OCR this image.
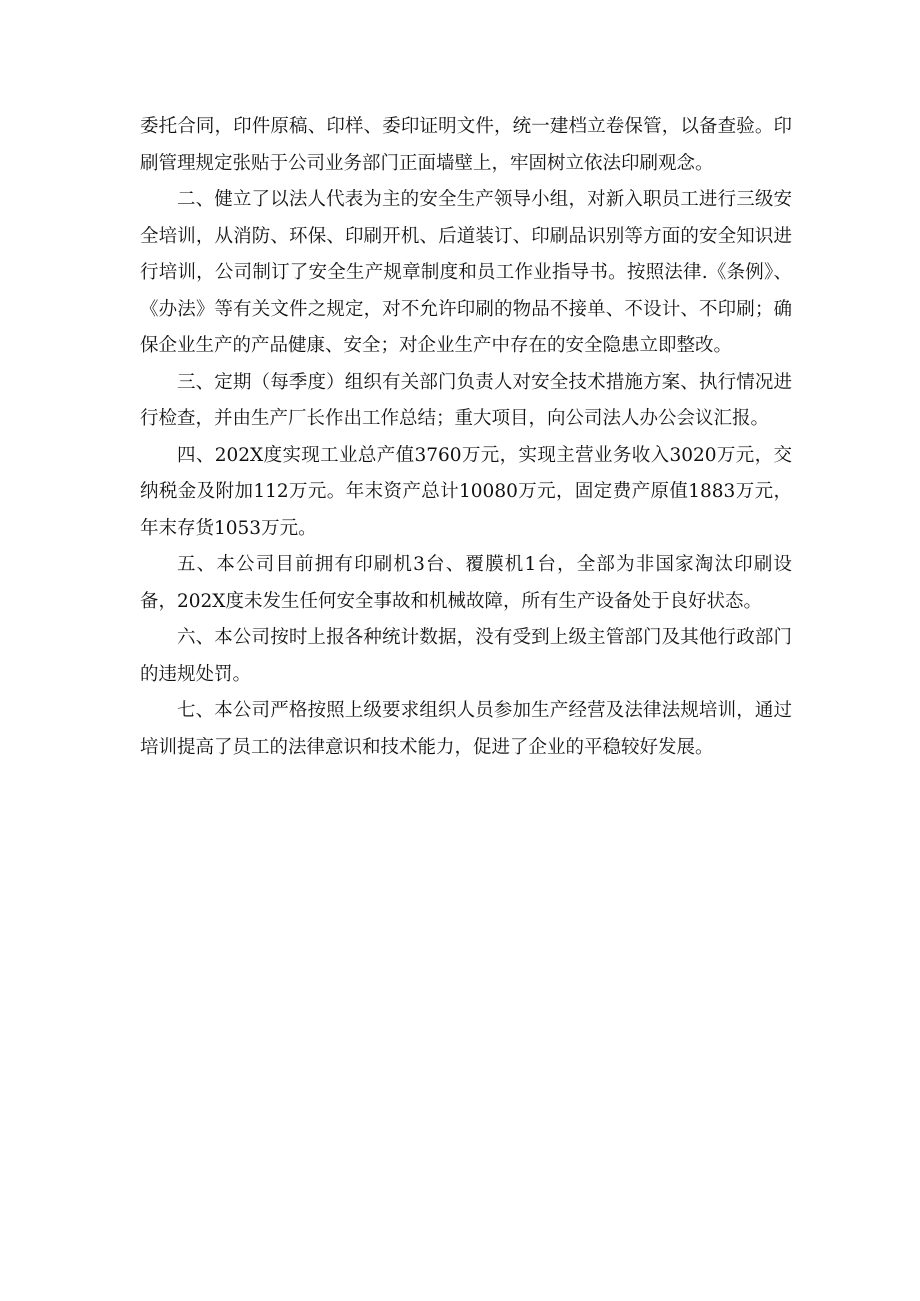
委托合同，印件原稿、印样、委印证明文件，统一建档立卷保管，以备查验。印刷管理规定张贴于公司业务部门正面墙壁上，牢固树立依法印刷观念。

二、健立了以法人代表为主的安全生产领导小组，对新入职员工进行三级安全培训，从消防、环保、印刷开机、后道装订、印刷品识别等方面的安全知识进行培训，公司制订了安全生产规章制度和员工作业指导书。按照法律.《条例》、《办法》等有关文件之规定，对不允许印刷的物品不接单、不设计、不印刷；确保企业生产的产品健康、安全；对企业生产中存在的安全隐患立即整改。

三、定期（每季度）组织有关部门负责人对安全技术措施方案、执行情况进行检查，并由生产厂长作出工作总结；重大项目，向公司法人办公会议汇报。

四、202X度实现工业总产值3760万元，实现主营业务收入3020万元，交纳税金及附加112万元。年末资产总计10080万元，固定费产原值1883万元，年末存货1053万元。

五、本公司目前拥有印刷机3台、覆膜机1台，全部为非国家淘汰印刷设备，202X度未发生任何安全事故和机械故障，所有生产设备处于良好状态。

六、本公司按时上报各种统计数据，没有受到上级主管部门及其他行政部门的违规处罚。

七、本公司严格按照上级要求组织人员参加生产经营及法律法规培训，通过培训提高了员工的法律意识和技术能力，促进了企业的平稳较好发展。
